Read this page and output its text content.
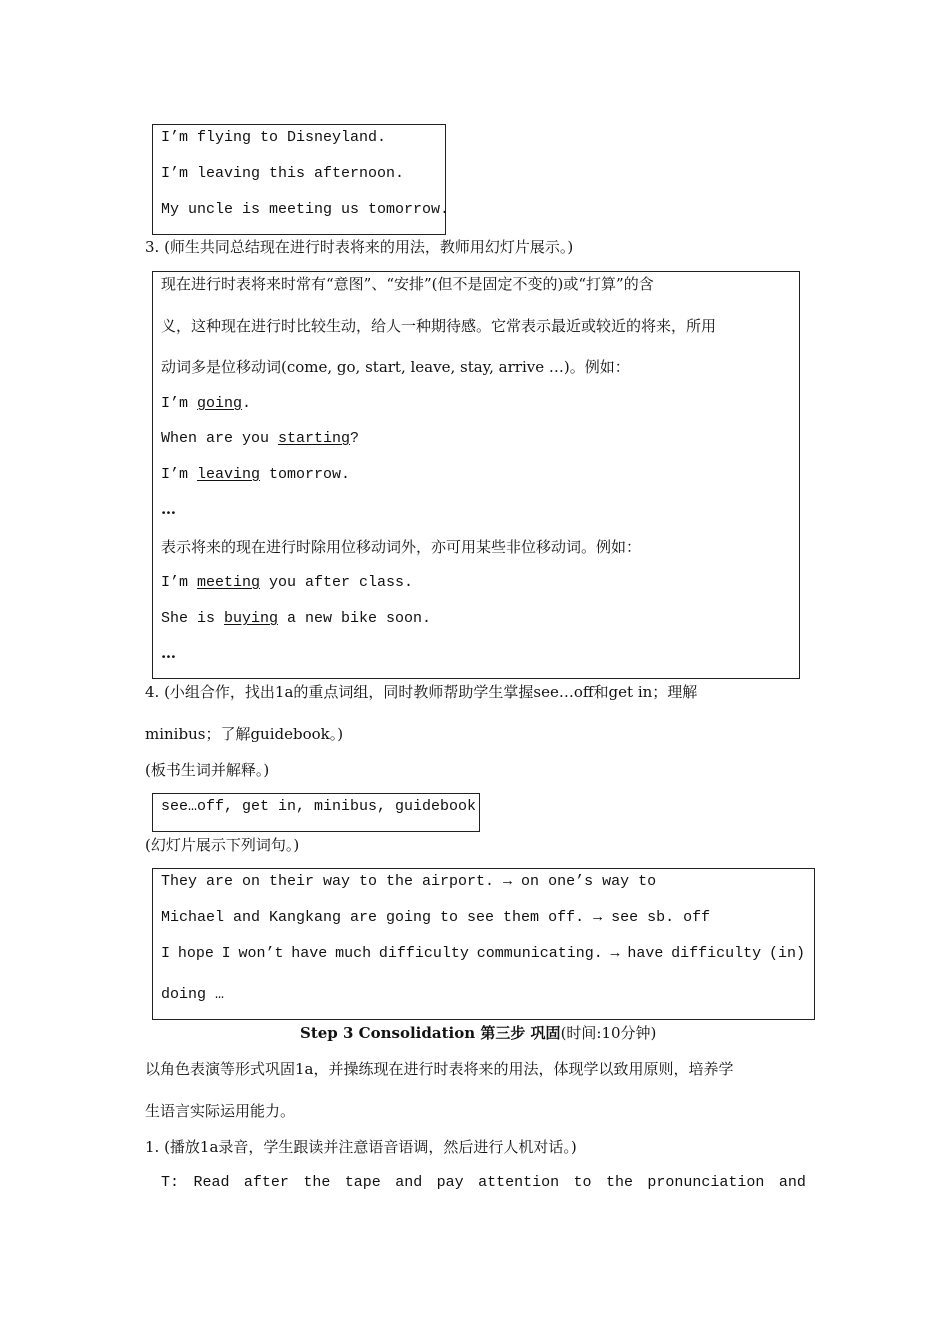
I’m flying to Disneyland.
I’m leaving this afternoon.
My uncle is meeting us tomorrow.
3. (师生共同总结现在进行时表将来的用法，教师用幻灯片展示。)
现在进行时表将来时常有“意图”、“安排”(但不是固定不变的)或“打算”的含
义，这种现在进行时比较生动，给人一种期待感。它常表示最近或较近的将来，所用
动词多是位移动词(come, go, start, leave, stay, arrive …)。例如：
I’m going.
When are you starting?
I’m leaving tomorrow.
…
表示将来的现在进行时除用位移动词外，亦可用某些非位移动词。例如：
I’m meeting you after class.
She is buying a new bike soon.
…
4. (小组合作，找出1a的重点词组，同时教师帮助学生掌握see…off和get in；理解
minibus；了解guidebook。)
(板书生词并解释。)
see…off, get in, minibus, guidebook
(幻灯片展示下列词句。)
They are on their way to the airport. → on one’s way to
Michael and Kangkang are going to see them off. → see sb. off
I hope I won’t have much difficulty communicating. → have difficulty (in)
doing …
Step 3 Consolidation 第三步 巩固(时间:10分钟)
以角色表演等形式巩固1a，并操练现在进行时表将来的用法，体现学以致用原则，培养学
生语言实际运用能力。
1. (播放1a录音，学生跟读并注意语音语调，然后进行人机对话。)
T: Read after the tape and pay attention to the pronunciation and
